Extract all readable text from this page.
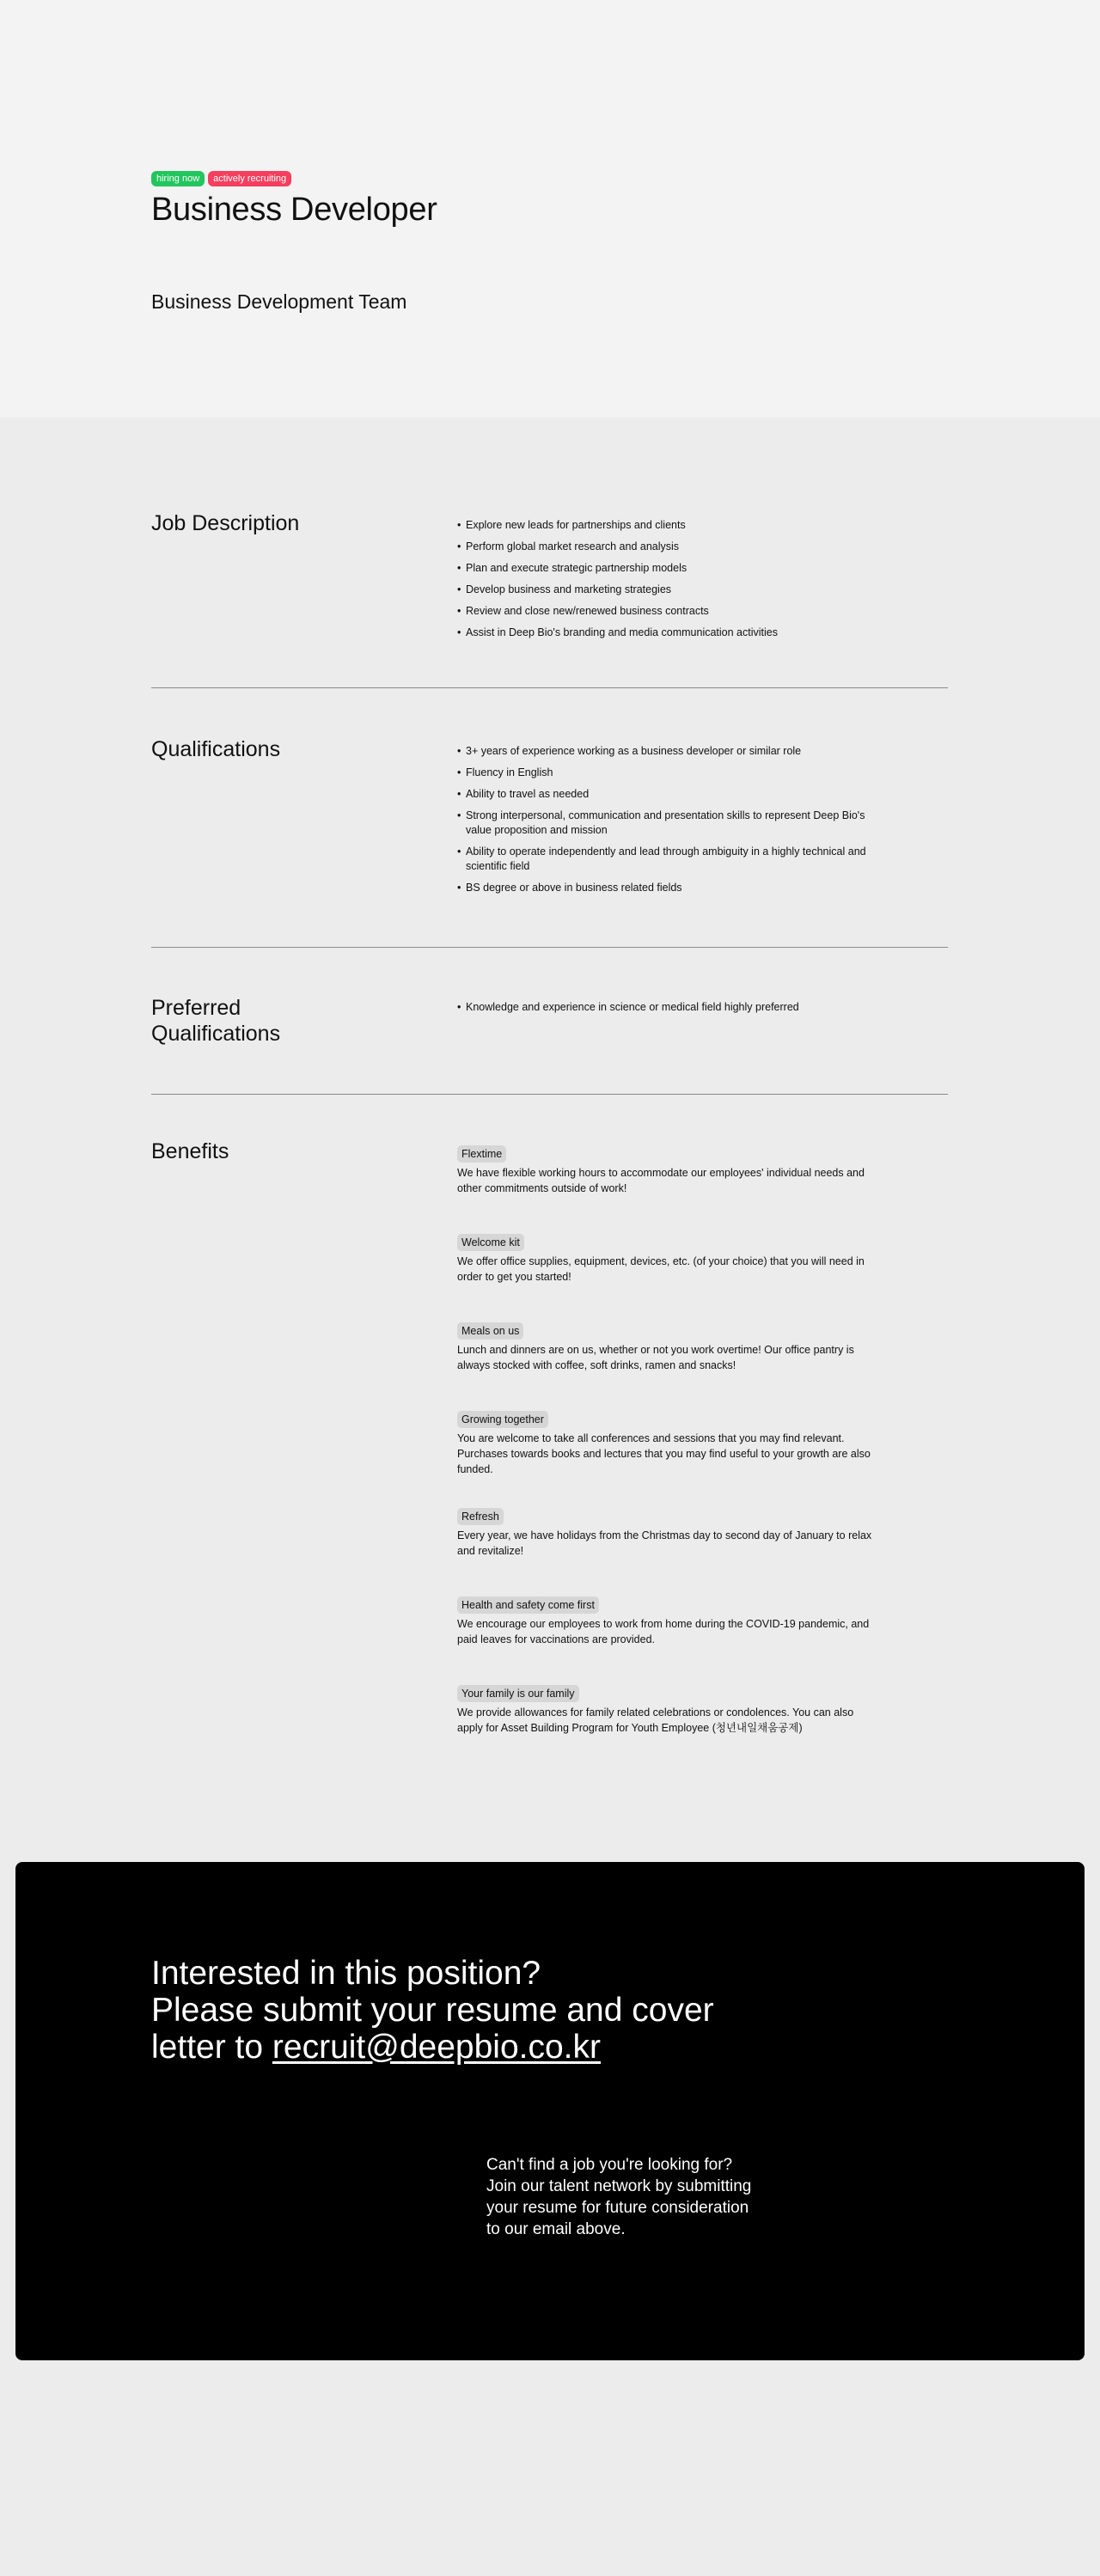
hiring now	actively recruiting
Business Developer
Business Development Team
Job Description	• Explore new leads for partnerships and clients
• Perform global market research and analysis
• Plan and execute strategic partnership models
• Develop business and marketing strategies
• Review and close new/renewed business contracts
• Assist in Deep Bio's branding and media communication activities
Qualifications	• 3+ years of experience working as a business developer or similar role
• Fluency in English
• Ability to travel as needed
• Strong interpersonal, communication and presentation skills to represent Deep Bio's value proposition and mission
• Ability to operate independently and lead through ambiguity in a highly technical and scientific field
• BS degree or above in business related fields
Preferred
Qualifications
• Knowledge and experience in science or medical field highly preferred
Benefits	Flextime

We have flexible working hours to accommodate our employees' individual needs and other commitments outside of work!

Welcome kit

We offer office supplies, equipment, devices, etc. (of your choice) that you will need in order to get you started!

Meals on us

Lunch and dinners are on us, whether or not you work overtime! Our office pantry is always stocked with coffee, soft drinks, ramen and snacks!

Growing together

You are welcome to take all conferences and sessions that you may find relevant. Purchases towards books and lectures that you may find useful to your growth are also funded.

Refresh

Every year, we have holidays from the Christmas day to second day of January to relax and revitalize!

Health and safety come first

We encourage our employees to work from home during the COVID-19 pandemic, and paid leaves for vaccinations are provided.

Your family is our family

We provide allowances for family related celebrations or condolences. You can also apply for Asset Building Program for Youth Employee (청년내일채움공제)

Interested in this position?
Please submit your resume and cover
letter to recruit@deepbio.co.kr

Can't find a job you're looking for? Join our talent network by submitting your resume for future consideration to our email above.
